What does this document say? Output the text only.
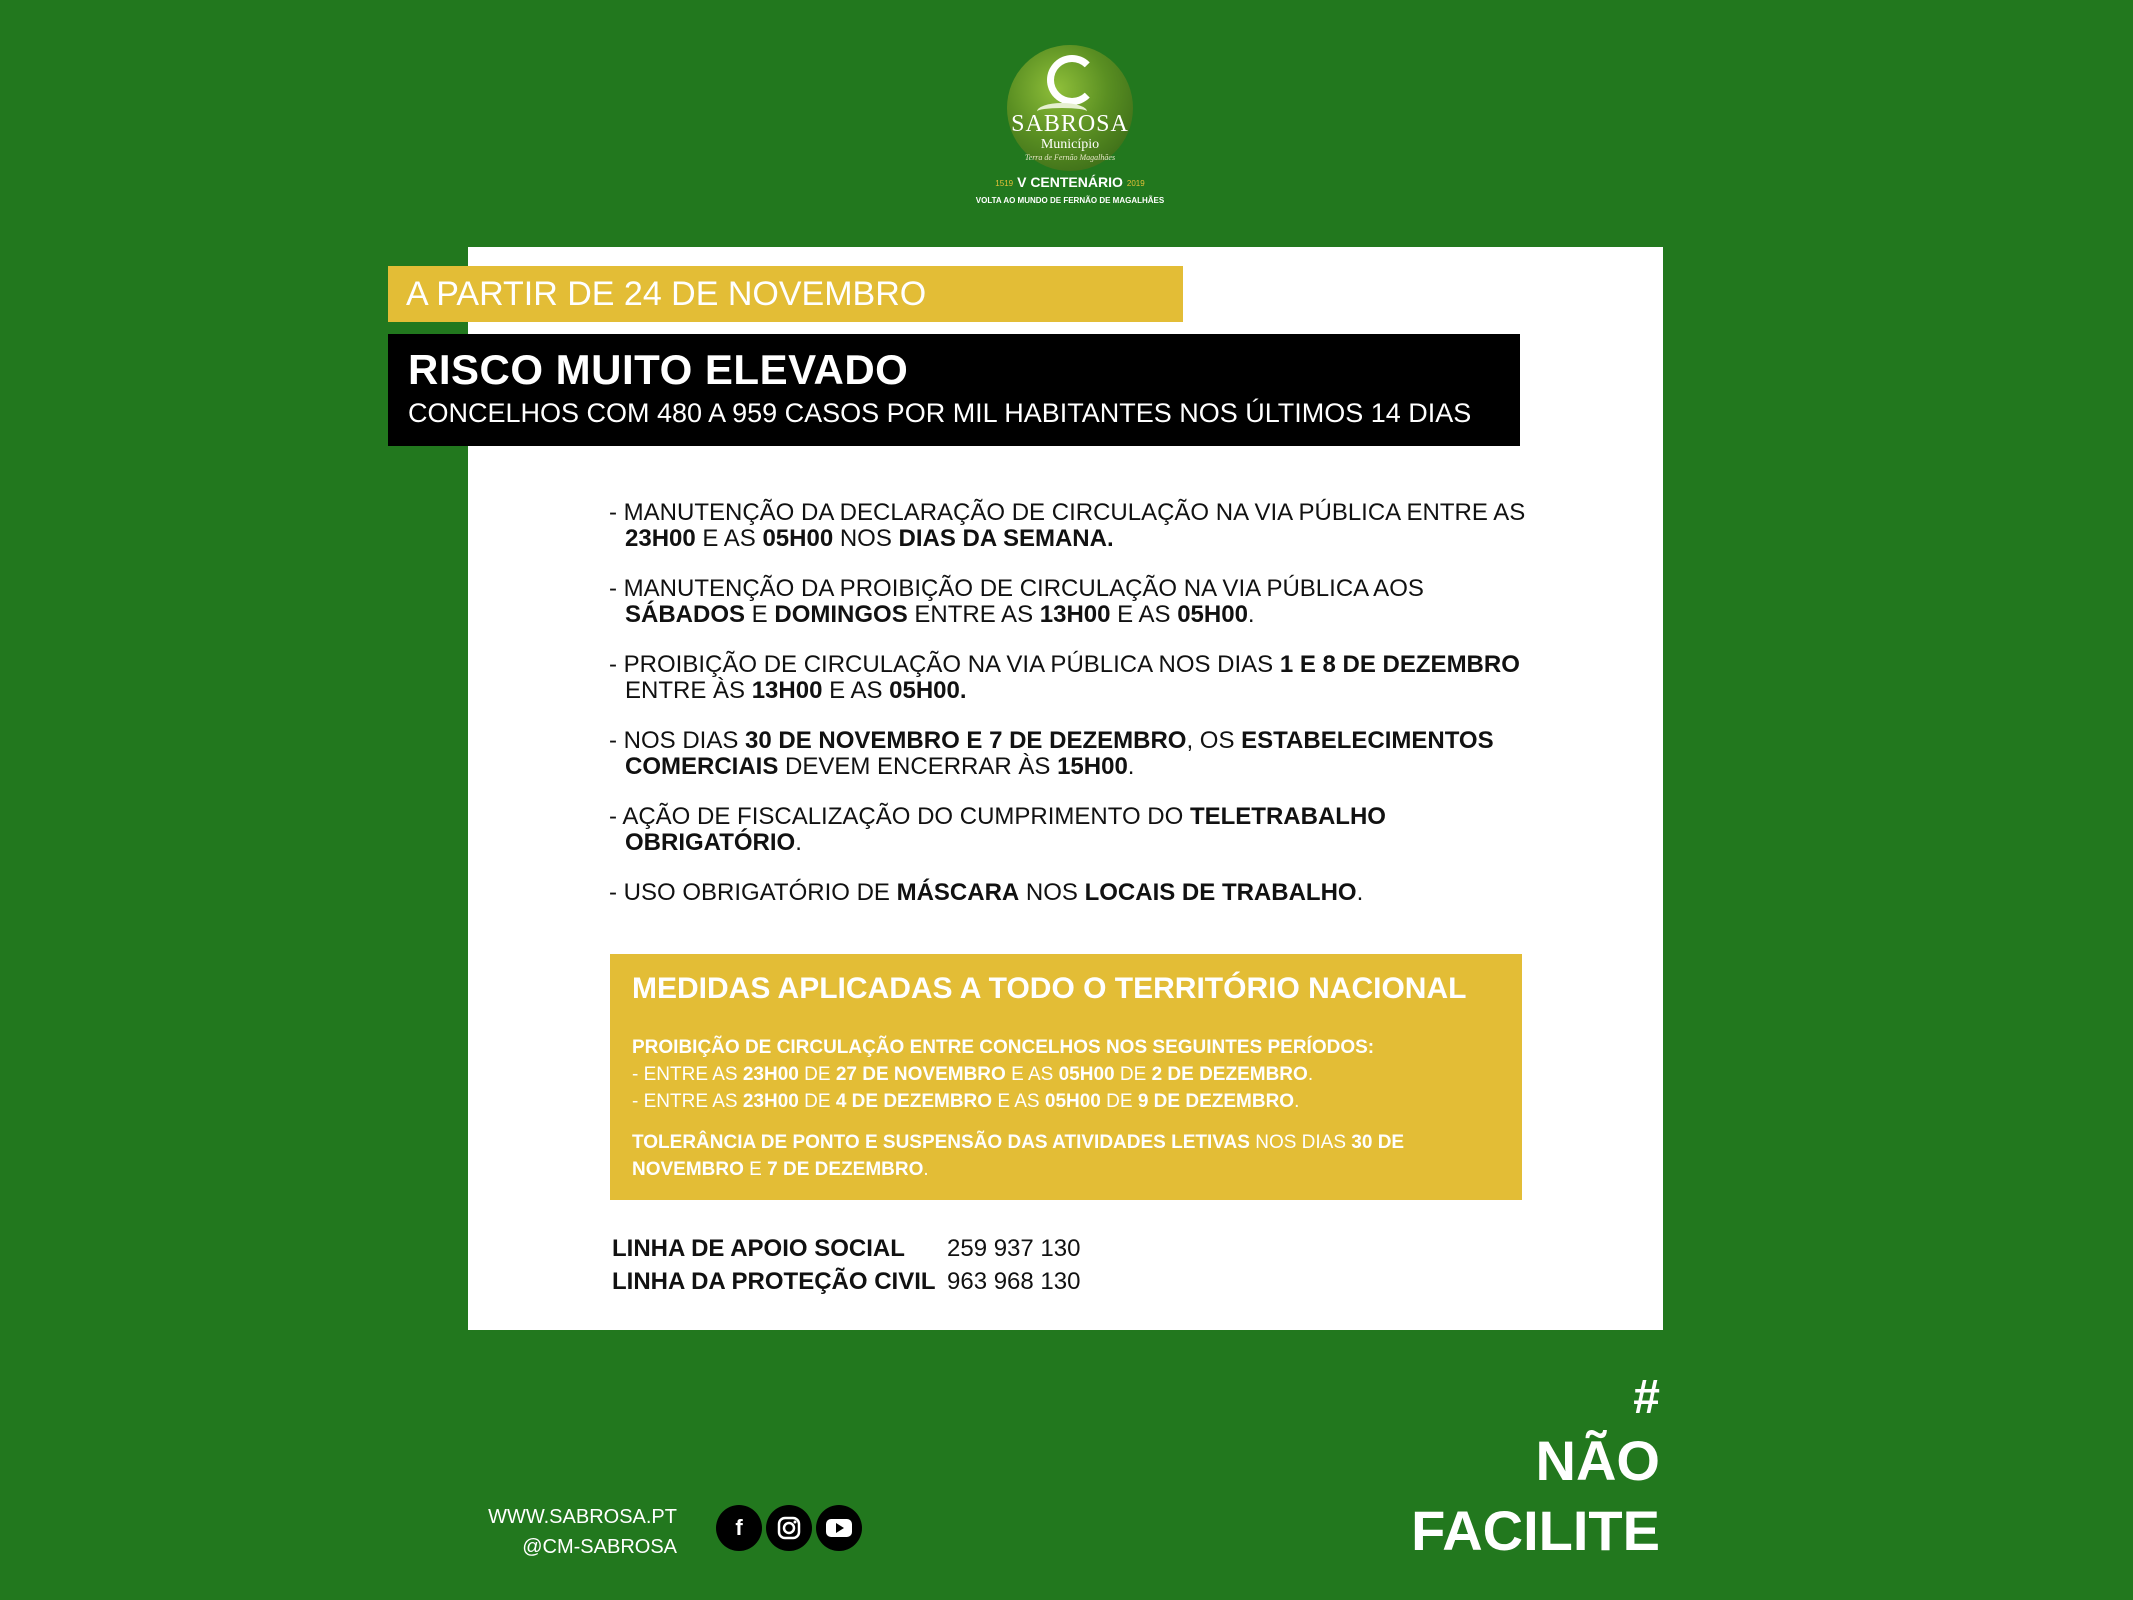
SABROSA
Município
Terra de Fernão Magalhães
1519 V CENTENÁRIO 2019
VOLTA AO MUNDO DE FERNÃO DE MAGALHÃES
A PARTIR DE 24 DE NOVEMBRO
RISCO MUITO ELEVADO
CONCELHOS COM 480 A 959 CASOS POR MIL HABITANTES NOS ÚLTIMOS 14 DIAS
- MANUTENÇÃO DA DECLARAÇÃO DE CIRCULAÇÃO NA VIA PÚBLICA ENTRE AS 23H00 E AS 05H00 NOS DIAS DA SEMANA.
- MANUTENÇÃO DA PROIBIÇÃO DE CIRCULAÇÃO NA VIA PÚBLICA AOS SÁBADOS E DOMINGOS ENTRE AS 13H00 E AS 05H00.
- PROIBIÇÃO DE CIRCULAÇÃO NA VIA PÚBLICA NOS DIAS 1 E 8 DE DEZEMBRO ENTRE ÀS 13H00 E AS 05H00.
- NOS DIAS 30 DE NOVEMBRO E 7 DE DEZEMBRO, OS ESTABELECIMENTOS COMERCIAIS DEVEM ENCERRAR ÀS 15H00.
- AÇÃO DE FISCALIZAÇÃO DO CUMPRIMENTO DO TELETRABALHO OBRIGATÓRIO.
- USO OBRIGATÓRIO DE MÁSCARA NOS LOCAIS DE TRABALHO.
MEDIDAS APLICADAS A TODO O TERRITÓRIO NACIONAL
PROIBIÇÃO DE CIRCULAÇÃO ENTRE CONCELHOS NOS SEGUINTES PERÍODOS:
- ENTRE AS 23H00 DE 27 DE NOVEMBRO E AS 05H00 DE 2 DE DEZEMBRO.
- ENTRE AS 23H00 DE 4 DE DEZEMBRO E AS 05H00 DE 9 DE DEZEMBRO.
TOLERÂNCIA DE PONTO E SUSPENSÃO DAS ATIVIDADES LETIVAS NOS DIAS 30 DE NOVEMBRO E 7 DE DEZEMBRO.
LINHA DE APOIO SOCIAL 259 937 130
LINHA DA PROTEÇÃO CIVIL 963 968 130
#
NÃO
FACILITE
WWW.SABROSA.PT
@CM-SABROSA
f
